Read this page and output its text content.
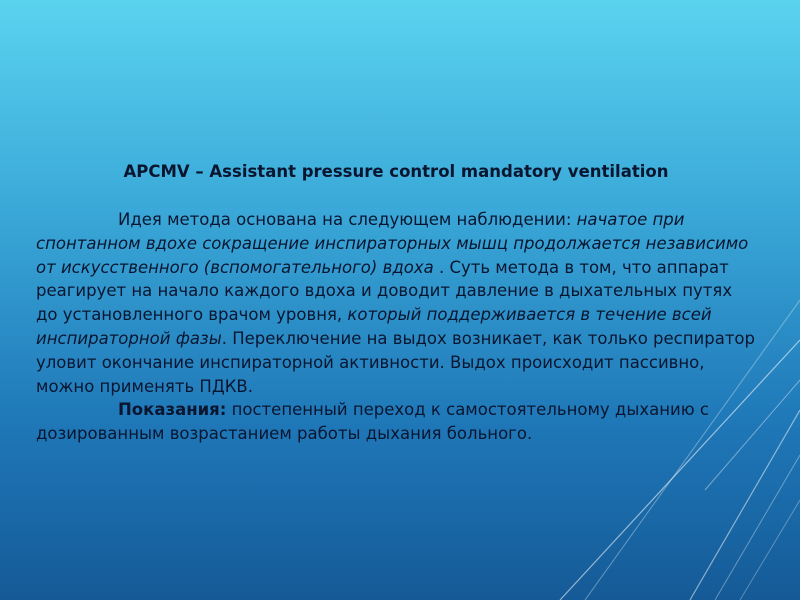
APCMV – Assistant pressure control mandatory ventilation
Идея метода основана на следующем наблюдении: начатое при спонтанном вдохе сокращение инспираторных мышц продолжается независимо от искусственного (вспомогательного) вдоха . Суть метода в том, что аппарат реагирует на начало каждого вдоха и доводит давление в дыхательных путях до установленного врачом уровня, который поддерживается в течение всей инспираторной фазы. Переключение на выдох возникает, как только респиратор уловит окончание инспираторной активности. Выдох происходит пассивно, можно применять ПДКВ.
Показания: постепенный переход к самостоятельному дыханию с дозированным возрастанием работы дыхания больного.
